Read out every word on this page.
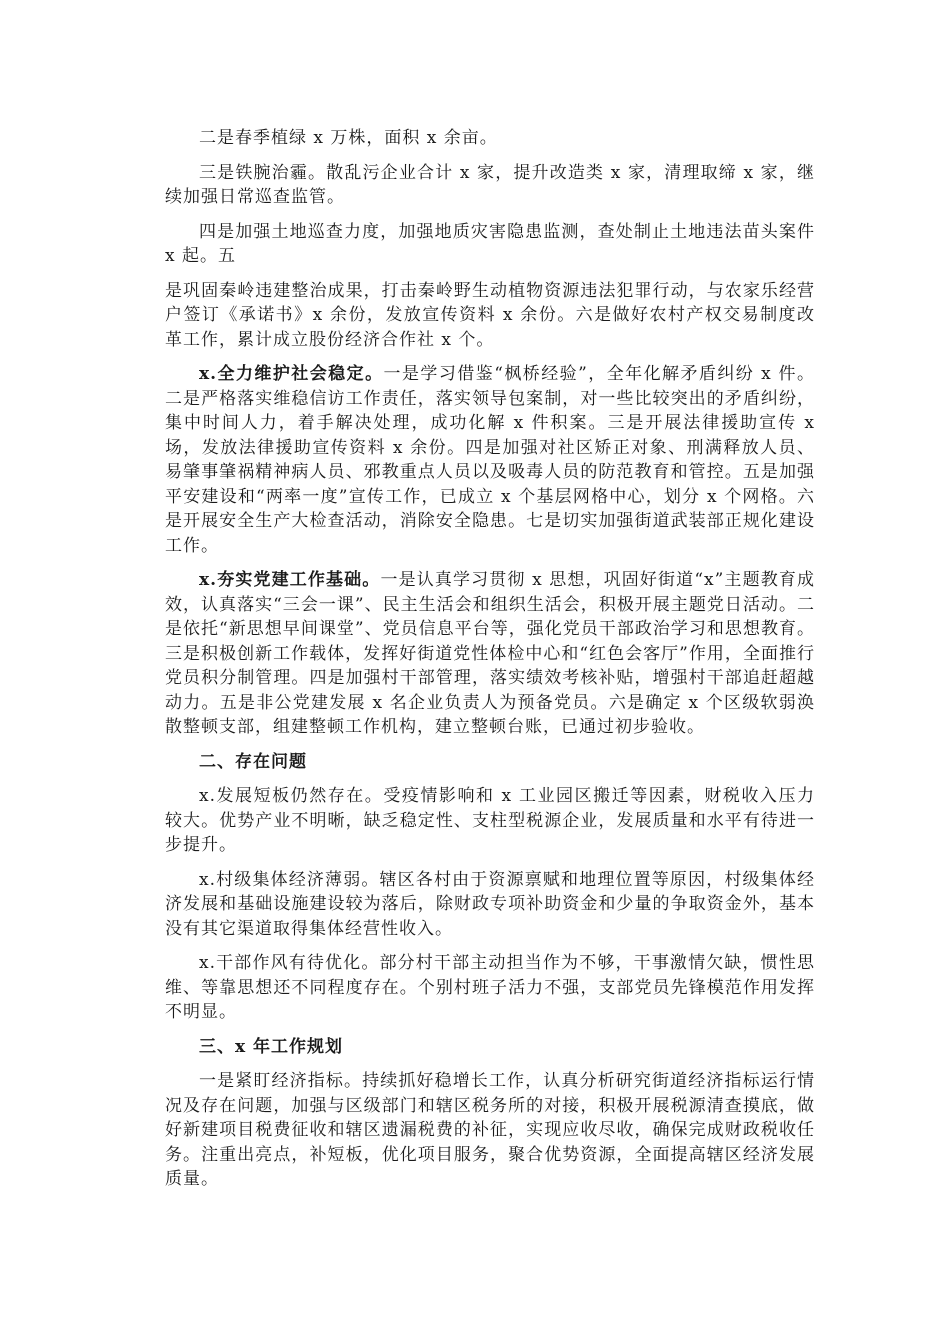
二是春季植绿 x 万株，面积 x 余亩。

三是铁腕治霾。散乱污企业合计 x 家，提升改造类 x 家，清理取缔 x 家，继续加强日常巡查监管。

四是加强土地巡查力度，加强地质灾害隐患监测，查处制止土地违法苗头案件 x 起。五

是巩固秦岭违建整治成果，打击秦岭野生动植物资源违法犯罪行动，与农家乐经营户签订《承诺书》x 余份，发放宣传资料 x 余份。六是做好农村产权交易制度改革工作，累计成立股份经济合作社 x 个。

x.全力维护社会稳定。一是学习借鉴“枫桥经验”，全年化解矛盾纠纷 x 件。二是严格落实维稳信访工作责任，落实领导包案制，对一些比较突出的矛盾纠纷，集中时间人力，着手解决处理，成功化解 x 件积案。三是开展法律援助宣传 x 场，发放法律援助宣传资料 x 余份。四是加强对社区矫正对象、刑满释放人员、易肇事肇祸精神病人员、邪教重点人员以及吸毒人员的防范教育和管控。五是加强平安建设和“两率一度”宣传工作，已成立 x 个基层网格中心，划分 x 个网格。六是开展安全生产大检查活动，消除安全隐患。七是切实加强街道武装部正规化建设工作。

x.夯实党建工作基础。一是认真学习贯彻 x 思想，巩固好街道“x”主题教育成效，认真落实“三会一课”、民主生活会和组织生活会，积极开展主题党日活动。二是依托“新思想早间课堂”、党员信息平台等，强化党员干部政治学习和思想教育。三是积极创新工作载体，发挥好街道党性体检中心和“红色会客厅”作用，全面推行党员积分制管理。四是加强村干部管理，落实绩效考核补贴，增强村干部追赶超越动力。五是非公党建发展 x 名企业负责人为预备党员。六是确定 x 个区级软弱涣散整顿支部，组建整顿工作机构，建立整顿台账，已通过初步验收。

二、存在问题

x.发展短板仍然存在。受疫情影响和 x 工业园区搬迁等因素，财税收入压力较大。优势产业不明晰，缺乏稳定性、支柱型税源企业，发展质量和水平有待进一步提升。

x.村级集体经济薄弱。辖区各村由于资源禀赋和地理位置等原因，村级集体经济发展和基础设施建设较为落后，除财政专项补助资金和少量的争取资金外，基本没有其它渠道取得集体经营性收入。

x.干部作风有待优化。部分村干部主动担当作为不够，干事激情欠缺，惯性思维、等靠思想还不同程度存在。个别村班子活力不强，支部党员先锋模范作用发挥不明显。

三、x 年工作规划

一是紧盯经济指标。持续抓好稳增长工作，认真分析研究街道经济指标运行情况及存在问题，加强与区级部门和辖区税务所的对接，积极开展税源清查摸底，做好新建项目税费征收和辖区遗漏税费的补征，实现应收尽收，确保完成财政税收任务。注重出亮点，补短板，优化项目服务，聚合优势资源，全面提高辖区经济发展质量。
